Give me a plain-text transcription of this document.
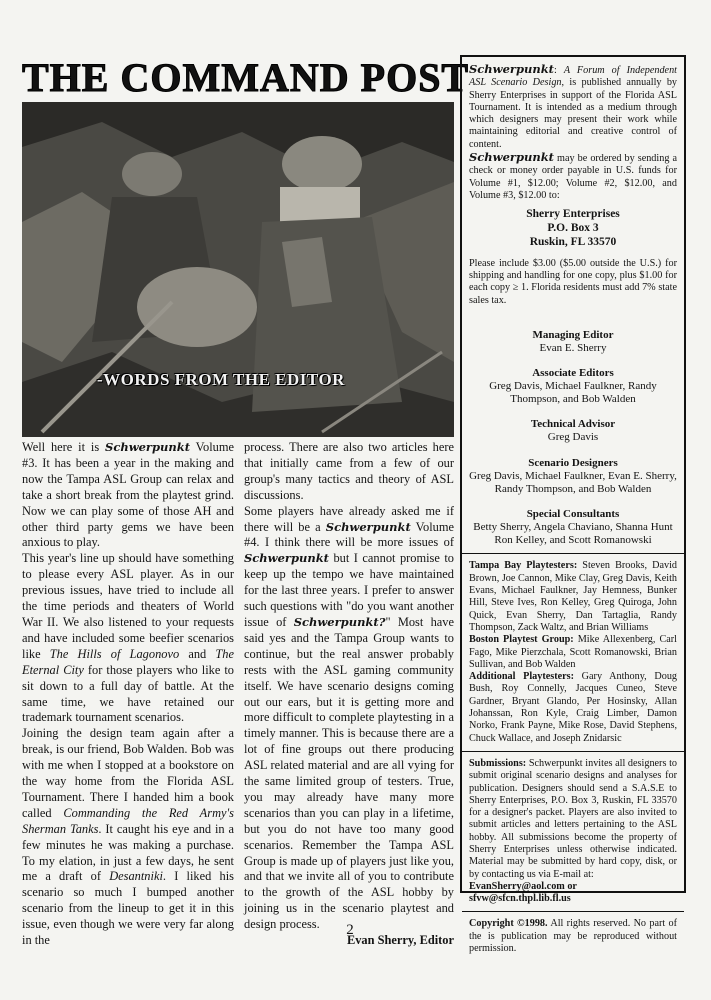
THE COMMAND POST
-WORDS FROM THE EDITOR

Well here it is Schwerpunkt Volume #3. It has been a year in the making and now the Tampa ASL Group can relax and take a short break from the playtest grind. Now we can play some of those AH and other third party gems we have been anxious to play.

This year's line up should have something to please every ASL player. As in our previous issues, have tried to include all the time periods and theaters of World War II. We also listened to your requests and have included some beefier scenarios like The Hills of Lagonovo and The Eternal City for those players who like to sit down to a full day of battle. At the same time, we have retained our trademark tournament scenarios.

Joining the design team again after a break, is our friend, Bob Walden. Bob was with me when I stopped at a bookstore on the way home from the Florida ASL Tournament. There I handed him a book called Commanding the Red Army's Sherman Tanks. It caught his eye and in a few minutes he was making a purchase. To my elation, in just a few days, he sent me a draft of Desantniki. I liked his scenario so much I bumped another scenario from the lineup to get it in this issue, even though we were very far along in the

process. There are also two articles here that initially came from a few of our group's many tactics and theory of ASL discussions.

Some players have already asked me if there will be a Schwerpunkt Volume #4. I think there will be more issues of Schwerpunkt but I cannot promise to keep up the tempo we have maintained for the last three years. I prefer to answer such questions with "do you want another issue of Schwerpunkt?" Most have said yes and the Tampa Group wants to continue, but the real answer probably rests with the ASL gaming community itself. We have scenario designs coming out our ears, but it is getting more and more difficult to complete playtesting in a timely manner. This is because there are a lot of fine groups out there producing ASL related material and are all vying for the same limited group of testers. True, you may already have many more scenarios than you can play in a lifetime, but you do not have too many good scenarios. Remember the Tampa ASL Group is made up of players just like you, and that we invite all of you to contribute to the growth of the ASL hobby by joining us in the scenario playtest and design process.

Evan Sherry, Editor

Schwerpunkt: A Forum of Independent ASL Scenario Design, is published annually by Sherry Enterprises in support of the Florida ASL Tournament. It is intended as a medium through which designers may present their work while maintaining editorial and creative control of content.

Schwerpunkt may be ordered by sending a check or money order payable in U.S. funds for Volume #1, $12.00; Volume #2, $12.00, and Volume #3, $12.00 to:

Sherry Enterprises
P.O. Box 3
Ruskin, FL 33570

Please include $3.00 ($5.00 outside the U.S.) for shipping and handling for one copy, plus $1.00 for each copy ≥ 1. Florida residents must add 7% state sales tax.

Managing Editor
Evan E. Sherry
Associate Editors
Greg Davis, Michael Faulkner, Randy Thompson, and Bob Walden
Technical Advisor
Greg Davis
Scenario Designers
Greg Davis, Michael Faulkner, Evan E. Sherry, Randy Thompson, and Bob Walden
Special Consultants
Betty Sherry, Angela Chaviano, Shanna Hunt Ron Kelley, and Scott Romanowski

Tampa Bay Playtesters: Steven Brooks, David Brown, Joe Cannon, Mike Clay, Greg Davis, Keith Evans, Michael Faulkner, Jay Hemness, Bunker Hill, Steve Ives, Ron Kelley, Greg Quiroga, John Quick, Evan Sherry, Dan Tartaglia, Randy Thompson, Zack Waltz, and Brian Williams

Boston Playtest Group: Mike Allexenberg, Carl Fago, Mike Pierzchala, Scott Romanowski, Brian Sullivan, and Bob Walden

Additional Playtesters: Gary Anthony, Doug Bush, Roy Connelly, Jacques Cuneo, Steve Gardner, Bryant Glando, Per Hosinsky, Allan Johanssan, Ron Kyle, Craig Limber, Damon Norko, Frank Payne, Mike Rose, David Stephens, Chuck Wallace, and Joseph Znidarsic

Submissions: Schwerpunkt invites all designers to submit original scenario designs and analyses for publication. Designers should send a S.A.S.E to Sherry Enterprises, P.O. Box 3, Ruskin, FL 33570 for a designer's packet. Players are also invited to submit articles and letters pertaining to the ASL hobby. All submissions become the property of Sherry Enterprises unless otherwise indicated. Material may be submitted by hard copy, disk, or by contacting us via E-mail at:

EvanSherry@aol.com or sfvw@sfcn.thpl.lib.fl.us

Copyright ©1998. All rights reserved. No part of the is publication may be reproduced without permission.

2
